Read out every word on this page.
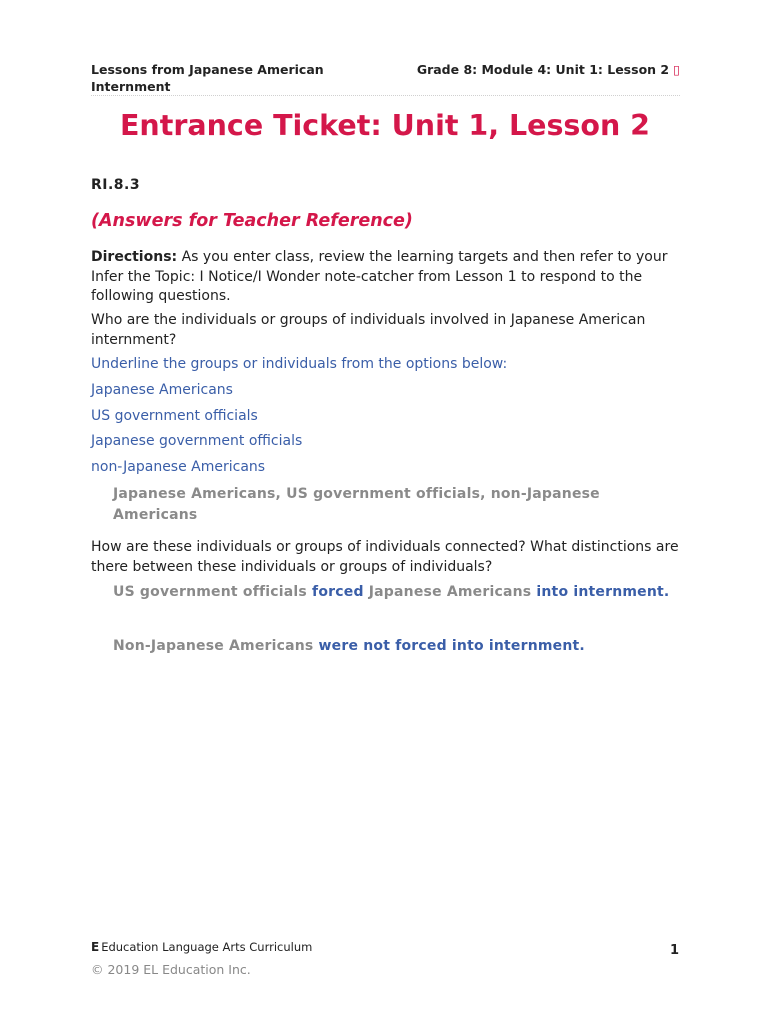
Lessons from Japanese American
Internment
Grade 8: Module 4: Unit 1: Lesson 2 ▯
Entrance Ticket: Unit 1, Lesson 2
RI.8.3
(Answers for Teacher Reference)
Directions: As you enter class, review the learning targets and then refer to your Infer the Topic: I Notice/I Wonder note-catcher from Lesson 1 to respond to the following questions.
Who are the individuals or groups of individuals involved in Japanese American internment?
Underline the groups or individuals from the options below:
Japanese Americans
US government officials
Japanese government officials
non-Japanese Americans
Japanese Americans, US government officials, non-Japanese Americans
How are these individuals or groups of individuals connected? What distinctions are there between these individuals or groups of individuals?
US government officials forced Japanese Americans into internment.
Non-Japanese Americans were not forced into internment.
E Education Language Arts Curriculum	1
© 2019 EL Education Inc.
